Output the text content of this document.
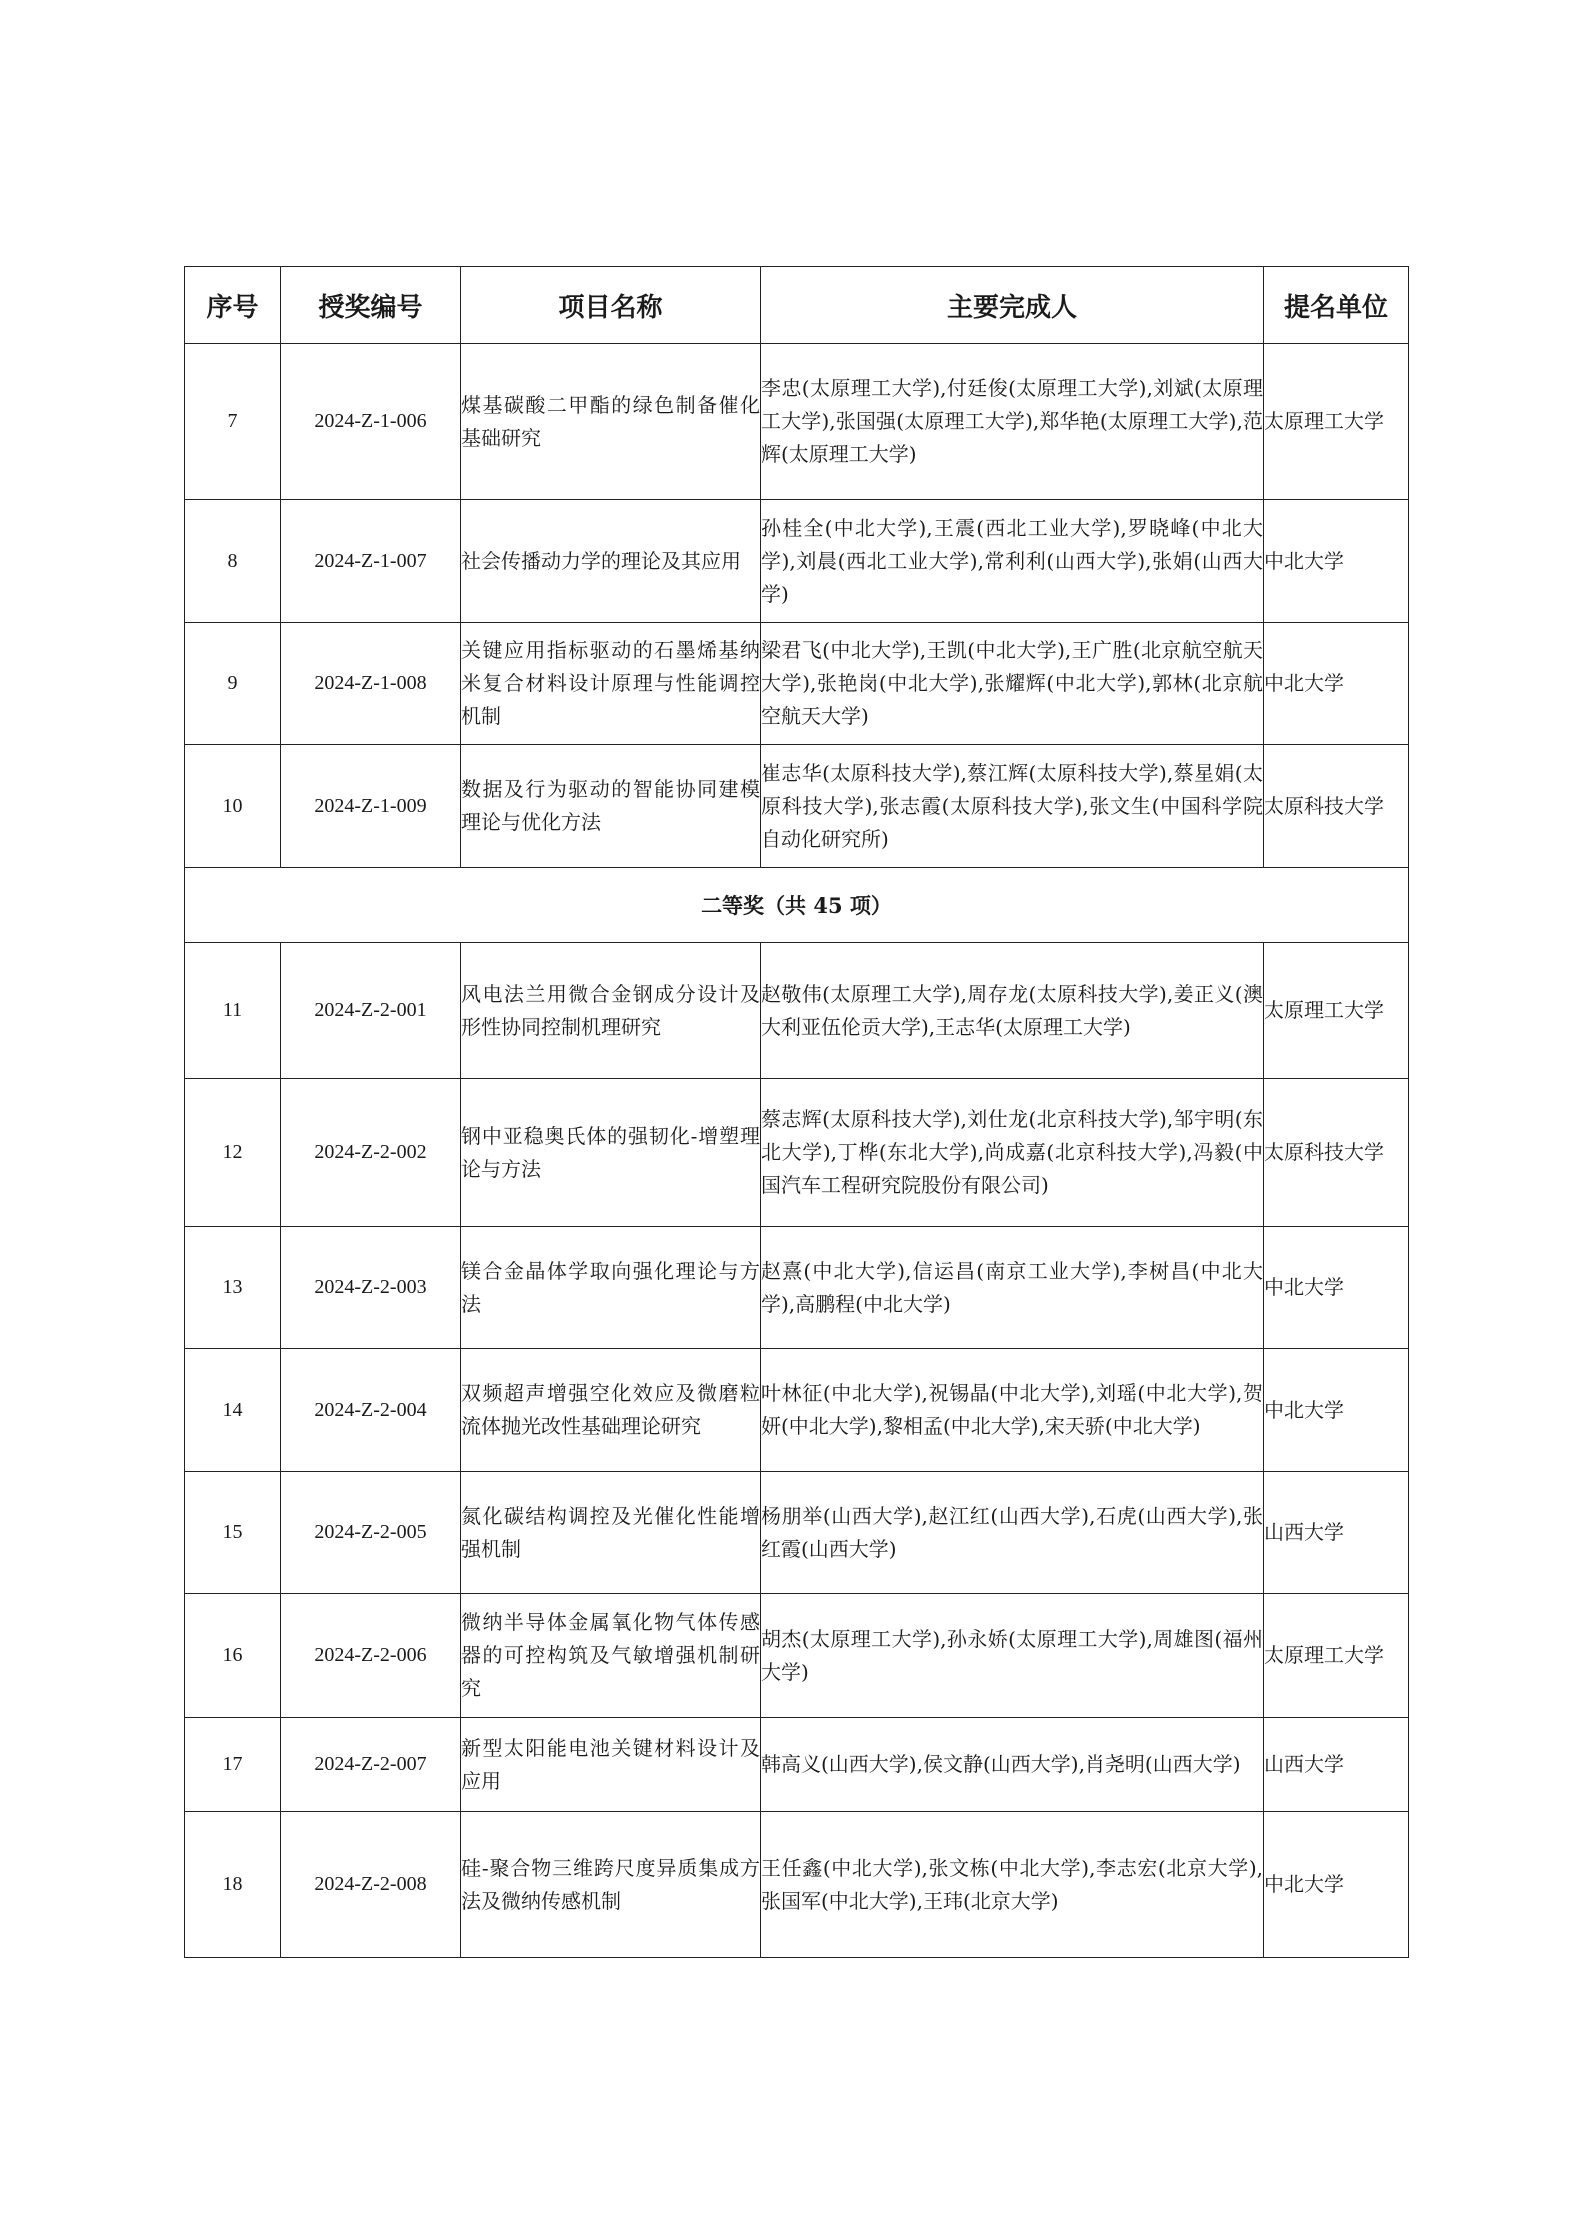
序号	授奖编号	项目名称	主要完成人	提名单位
7	2024-Z-1-006	煤基碳酸二甲酯的绿色制备催化基础研究	李忠(太原理工大学),付廷俊(太原理工大学),刘斌(太原理工大学),张国强(太原理工大学),郑华艳(太原理工大学),范辉(太原理工大学)	太原理工大学
8	2024-Z-1-007	社会传播动力学的理论及其应用	孙桂全(中北大学),王震(西北工业大学),罗晓峰(中北大学),刘晨(西北工业大学),常利利(山西大学),张娟(山西大学)	中北大学
9	2024-Z-1-008	关键应用指标驱动的石墨烯基纳米复合材料设计原理与性能调控机制	梁君飞(中北大学),王凯(中北大学),王广胜(北京航空航天大学),张艳岗(中北大学),张耀辉(中北大学),郭林(北京航空航天大学)	中北大学
10	2024-Z-1-009	数据及行为驱动的智能协同建模理论与优化方法	崔志华(太原科技大学),蔡江辉(太原科技大学),蔡星娟(太原科技大学),张志霞(太原科技大学),张文生(中国科学院自动化研究所)	太原科技大学
二等奖（共 45 项）				
11	2024-Z-2-001	风电法兰用微合金钢成分设计及形性协同控制机理研究	赵敬伟(太原理工大学),周存龙(太原科技大学),姜正义(澳大利亚伍伦贡大学),王志华(太原理工大学)	太原理工大学
12	2024-Z-2-002	钢中亚稳奥氏体的强韧化-增塑理论与方法	蔡志辉(太原科技大学),刘仕龙(北京科技大学),邹宇明(东北大学),丁桦(东北大学),尚成嘉(北京科技大学),冯毅(中国汽车工程研究院股份有限公司)	太原科技大学
13	2024-Z-2-003	镁合金晶体学取向强化理论与方法	赵熹(中北大学),信运昌(南京工业大学),李树昌(中北大学),高鹏程(中北大学)	中北大学
14	2024-Z-2-004	双频超声增强空化效应及微磨粒流体抛光改性基础理论研究	叶林征(中北大学),祝锡晶(中北大学),刘瑶(中北大学),贺妍(中北大学),黎相孟(中北大学),宋天骄(中北大学)	中北大学
15	2024-Z-2-005	氮化碳结构调控及光催化性能增强机制	杨朋举(山西大学),赵江红(山西大学),石虎(山西大学),张红霞(山西大学)	山西大学
16	2024-Z-2-006	微纳半导体金属氧化物气体传感器的可控构筑及气敏增强机制研究	胡杰(太原理工大学),孙永娇(太原理工大学),周雄图(福州大学)	太原理工大学
17	2024-Z-2-007	新型太阳能电池关键材料设计及应用	韩高义(山西大学),侯文静(山西大学),肖尧明(山西大学)	山西大学
18	2024-Z-2-008	硅-聚合物三维跨尺度异质集成方法及微纳传感机制	王任鑫(中北大学),张文栋(中北大学),李志宏(北京大学),张国军(中北大学),王玮(北京大学)	中北大学
